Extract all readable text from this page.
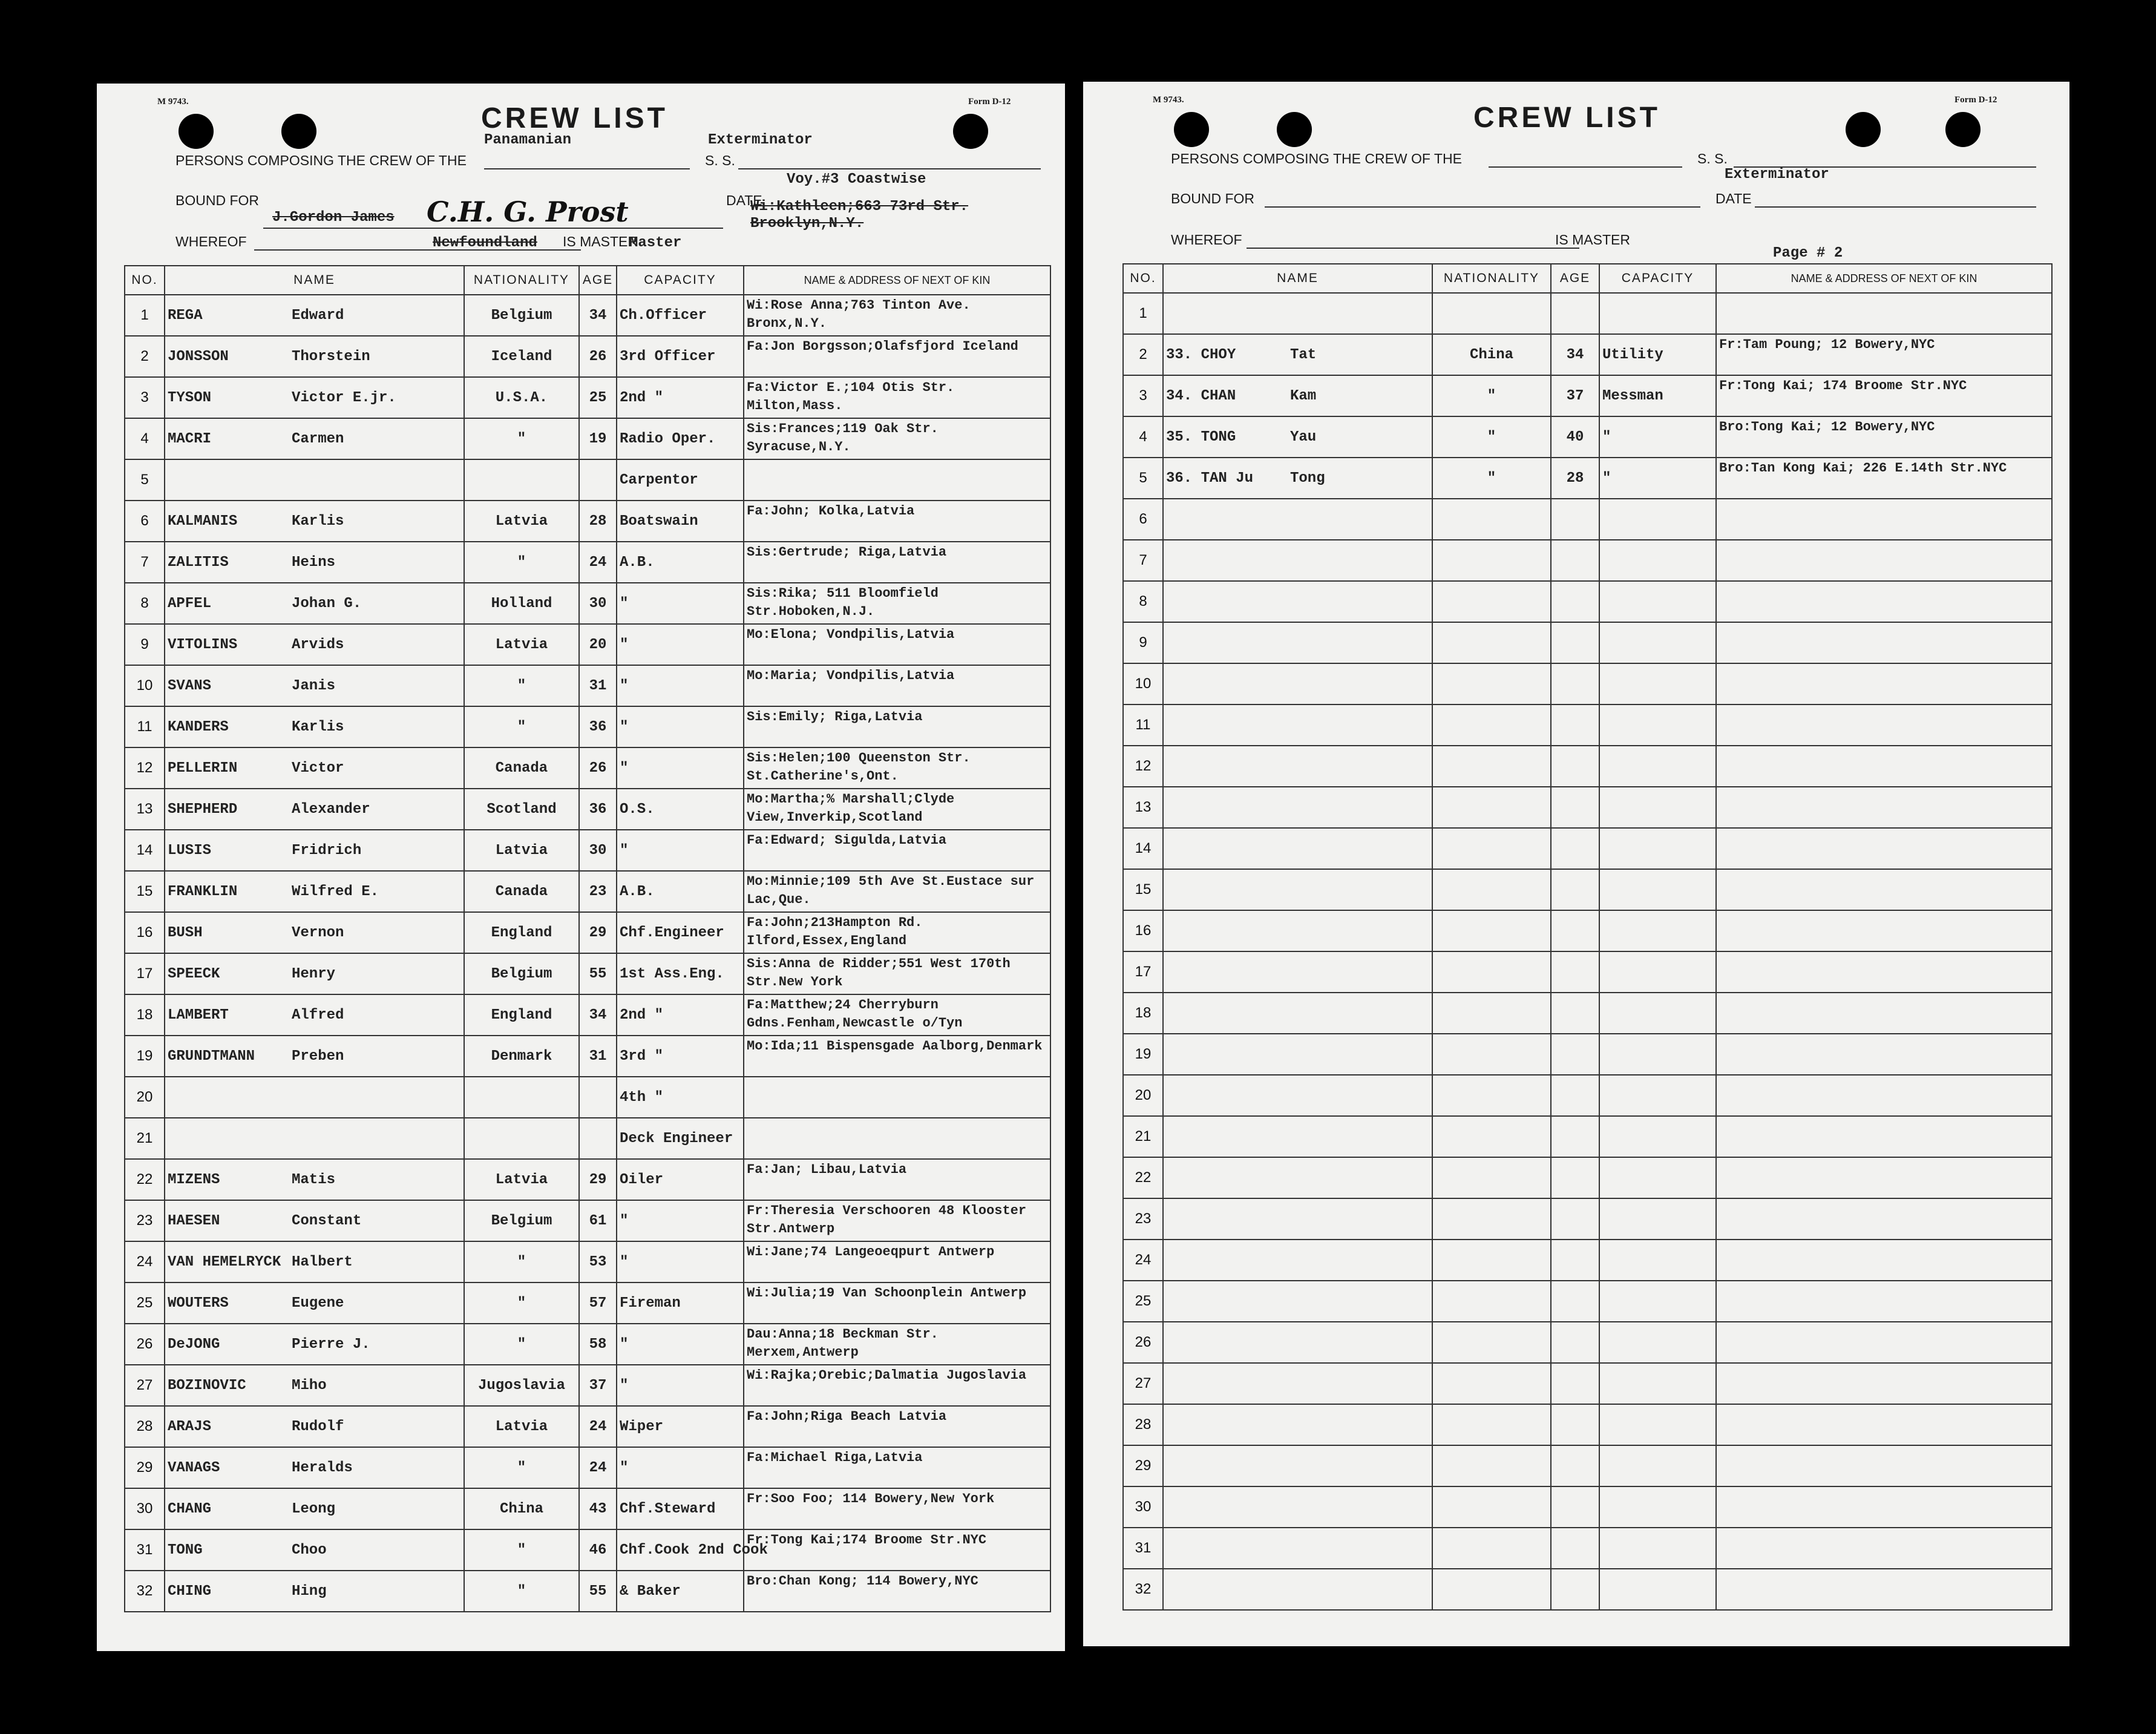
M 9743.	Form D-12
CREW LIST
Panamanian	Exterminator
PERSONS COMPOSING THE CREW OF THE	S. S.
Voy.#3 Coastwise
BOUND FOR
J.Gordon James C.H. G. Prost	DATE
Wi:Kathleen;663 73rd Str. Brooklyn,N.Y.
WHEREOF	Newfoundland IS MASTER
Master
NO.	NAME	NATIONALITY	AGE	CAPACITY	NAME & ADDRESS OF NEXT OF KIN
1	REGA Edward	Belgium	34	Ch.Officer	Wi:Rose Anna;763 Tinton Ave. Bronx,N.Y.
2	JONSSON Thorstein	Iceland	26	3rd Officer	Fa:Jon Borgsson;Olafsfjord Iceland
3	TYSON Victor E.jr.	U.S.A.	25	2nd "	Fa:Victor E.;104 Otis Str. Milton,Mass.
4	MACRI Carmen	"	19	Radio Oper.	Sis:Frances;119 Oak Str. Syracuse,N.Y.
5				Carpentor	
6	KALMANIS Karlis	Latvia	28	Boatswain	Fa:John; Kolka,Latvia
7	ZALITIS Heins	"	24	A.B.	Sis:Gertrude; Riga,Latvia
8	APFEL Johan G.	Holland	30	"	Sis:Rika; 511 Bloomfield Str.Hoboken,N.J.
9	VITOLINS Arvids	Latvia	20	"	Mo:Elona; Vondpilis,Latvia
10	SVANS Janis	"	31	"	Mo:Maria; Vondpilis,Latvia
11	KANDERS Karlis	"	36	"	Sis:Emily; Riga,Latvia
12	PELLERIN Victor	Canada	26	"	Sis:Helen;100 Queenston Str. St.Catherine's,Ont.
13	SHEPHERD Alexander	Scotland	36	O.S.	Mo:Martha;% Marshall;Clyde View,Inverkip,Scotland
14	LUSIS Fridrich	Latvia	30	"	Fa:Edward; Sigulda,Latvia
15	FRANKLIN Wilfred E.	Canada	23	A.B.	Mo:Minnie;109 5th Ave St.Eustace sur Lac,Que.
16	BUSH Vernon	England	29	Chf.Engineer	Fa:John;213Hampton Rd. Ilford,Essex,England
17	SPEECK Henry	Belgium	55	1st Ass.Eng.	Sis:Anna de Ridder;551 West 170th Str.New York
18	LAMBERT Alfred	England	34	2nd "	Fa:Matthew;24 Cherryburn Gdns.Fenham,Newcastle o/Tyn
19	GRUNDTMANN Preben	Denmark	31	3rd "	Mo:Ida;11 Bispensgade Aalborg,Denmark
20				4th "	
21				Deck Engineer	
22	MIZENS Matis	Latvia	29	Oiler	Fa:Jan; Libau,Latvia
23	HAESEN Constant	Belgium	61	"	Fr:Theresia Verschooren 48 Klooster Str.Antwerp
24	VAN HEMELRYCK Halbert	"	53	"	Wi:Jane;74 Langeoeqpurt Antwerp
25	WOUTERS Eugene	"	57	Fireman	Wi:Julia;19 Van Schoonplein Antwerp
26	DeJONG Pierre J.	"	58	"	Dau:Anna;18 Beckman Str. Merxem,Antwerp
27	BOZINOVIC Miho	Jugoslavia	37	"	Wi:Rajka;Orebic;Dalmatia Jugoslavia
28	ARAJS Rudolf	Latvia	24	Wiper	Fa:John;Riga Beach Latvia
29	VANAGS Heralds	"	24	"	Fa:Michael Riga,Latvia
30	CHANG Leong	China	43	Chf.Steward	Fr:Soo Foo; 114 Bowery,New York
31	TONG Choo	"	46	Chf.Cook 2nd Cook	Fr:Tong Kai;174 Broome Str.NYC
32	CHING Hing	"	55	& Baker	Bro:Chan Kong; 114 Bowery,NYC
M 9743.	Form D-12
CREW LIST
PERSONS COMPOSING THE CREW OF THE	S. S.
Exterminator
BOUND FOR	DATE
WHEREOF	IS MASTER
Page # 2
NO.	NAME	NATIONALITY	AGE	CAPACITY	NAME & ADDRESS OF NEXT OF KIN
1		

2	33. CHOY Tat	China	34	Utility	Fr:Tam Poung; 12 Bowery,NYC
3	34. CHAN Kam	"	37	Messman	Fr:Tong Kai; 174 Broome Str.NYC
4	35. TONG Yau	"	40	"	Bro:Tong Kai; 12 Bowery,NYC
5	36. TAN Ju Tong	"	28	"	Bro:Tan Kong Kai; 226 E.14th Str.NYC
6		

7		

8		

9		

10		

11		

12		

13		

14		

15		

16		

17		

18		

19		

20		

21		

22		

23		

24		

25		

26		

27		

28		

29		

30		

31		

32		
